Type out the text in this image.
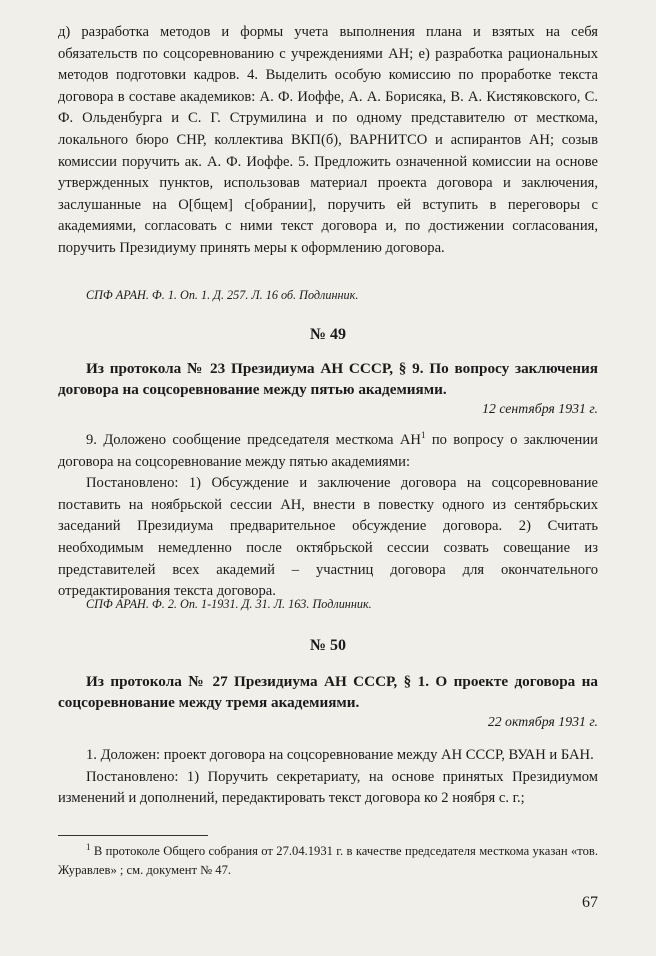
д) разработка методов и формы учета выполнения плана и взятых на себя обязательств по соцсоревнованию с учреждениями АН; е) разработка рациональных методов подготовки кадров. 4. Выделить особую комиссию по проработке текста договора в составе академиков: А. Ф. Иоффе, А. А. Борисяка, В. А. Кистяковского, С. Ф. Ольденбурга и С. Г. Струмилина и по одному представителю от месткома, локального бюро СНР, коллектива ВКП(б), ВАРНИТСО и аспирантов АН; созыв комиссии поручить ак. А. Ф. Иоффе. 5. Предложить означенной комиссии на основе утвержденных пунктов, использовав материал проекта договора и заключения, заслушанные на О[бщем] с[обрании], поручить ей вступить в переговоры с академиями, согласовать с ними текст договора и, по достижении согласования, поручить Президиуму принять меры к оформлению договора.

СПФ АРАН. Ф. 1. Оп. 1. Д. 257. Л. 16 об. Подлинник.

№ 49

Из протокола № 23 Президиума АН СССР, § 9. По вопросу заключения договора на соцсоревнование между пятью академиями.

12 сентября 1931 г.

9. Доложено сообщение председателя месткома $АН^1$ по вопросу о заключении договора на соцсоревнование между пятью академиями:

Постановлено: 1) Обсуждение и заключение договора на соцсоревнование поставить на ноябрьской сессии АН, внести в повестку одного из сентябрьских заседаний Президиума предварительное обсуждение договора. 2) Считать необходимым немедленно после октябрьской сессии созвать совещание из представителей всех академий – участниц договора для окончательного отредактирования текста договора.

СПФ АРАН. Ф. 2. Оп. 1-1931. Д. 31. Л. 163. Подлинник.

№ 50

Из протокола № 27 Президиума АН СССР, § 1. О проекте договора на соцсоревнование между тремя академиями.

22 октября 1931 г.

1. Доложен: проект договора на соцсоревнование между АН СССР, ВУАН и БАН.

Постановлено: 1) Поручить секретариату, на основе принятых Президиумом изменений и дополнений, передактировать текст договора ко 2 ноября с. г.;

$^1$ В протоколе Общего собрания от 27.04.1931 г. в качестве председателя месткома указан «тов. Журавлев» ; см. документ № 47.

67
